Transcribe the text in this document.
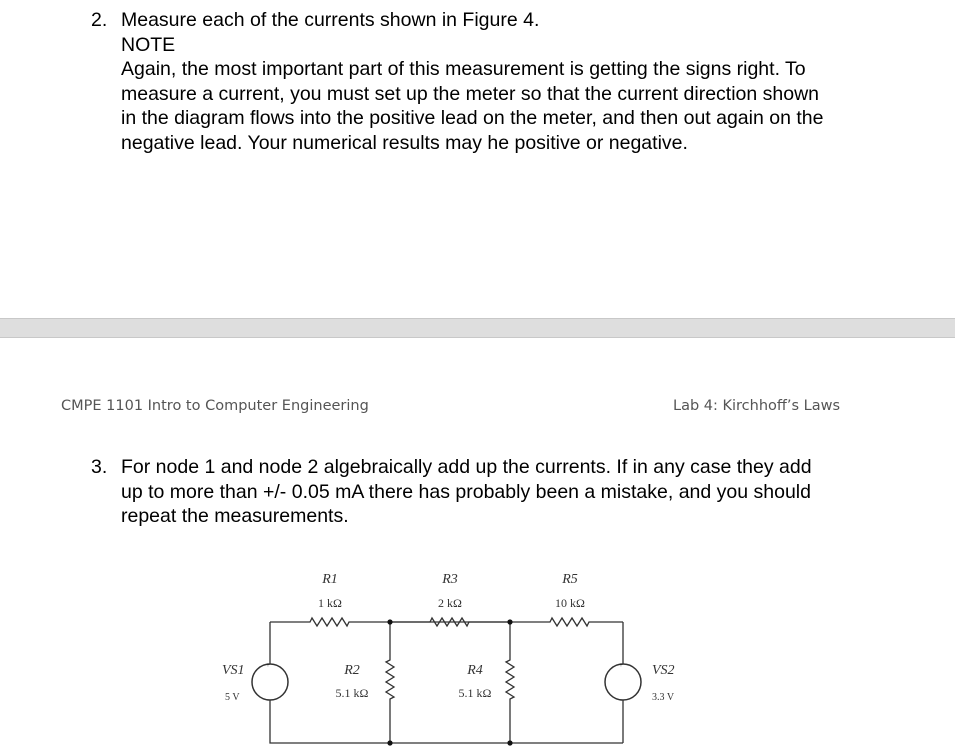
2. Measure each of the currents shown in Figure 4.
NOTE
Again, the most important part of this measurement is getting the signs right. To
measure a current, you must set up the meter so that the current direction shown
in the diagram flows into the positive lead on the meter, and then out again on the
negative lead. Your numerical results may he positive or negative.
CMPE 1101 Intro to Computer Engineering	Lab 4: Kirchhoff’s Laws
3. For node 1 and node 2 algebraically add up the currents. If in any case they add
up to more than +/- 0.05 mA there has probably been a mistake, and you should
repeat the measurements.
+
-
+
-
R1
1 kΩ
R3
2 kΩ
R5
10 kΩ
R2
5.1 kΩ
R4
5.1 kΩ
VS1
5 V
VS2
3.3 V
